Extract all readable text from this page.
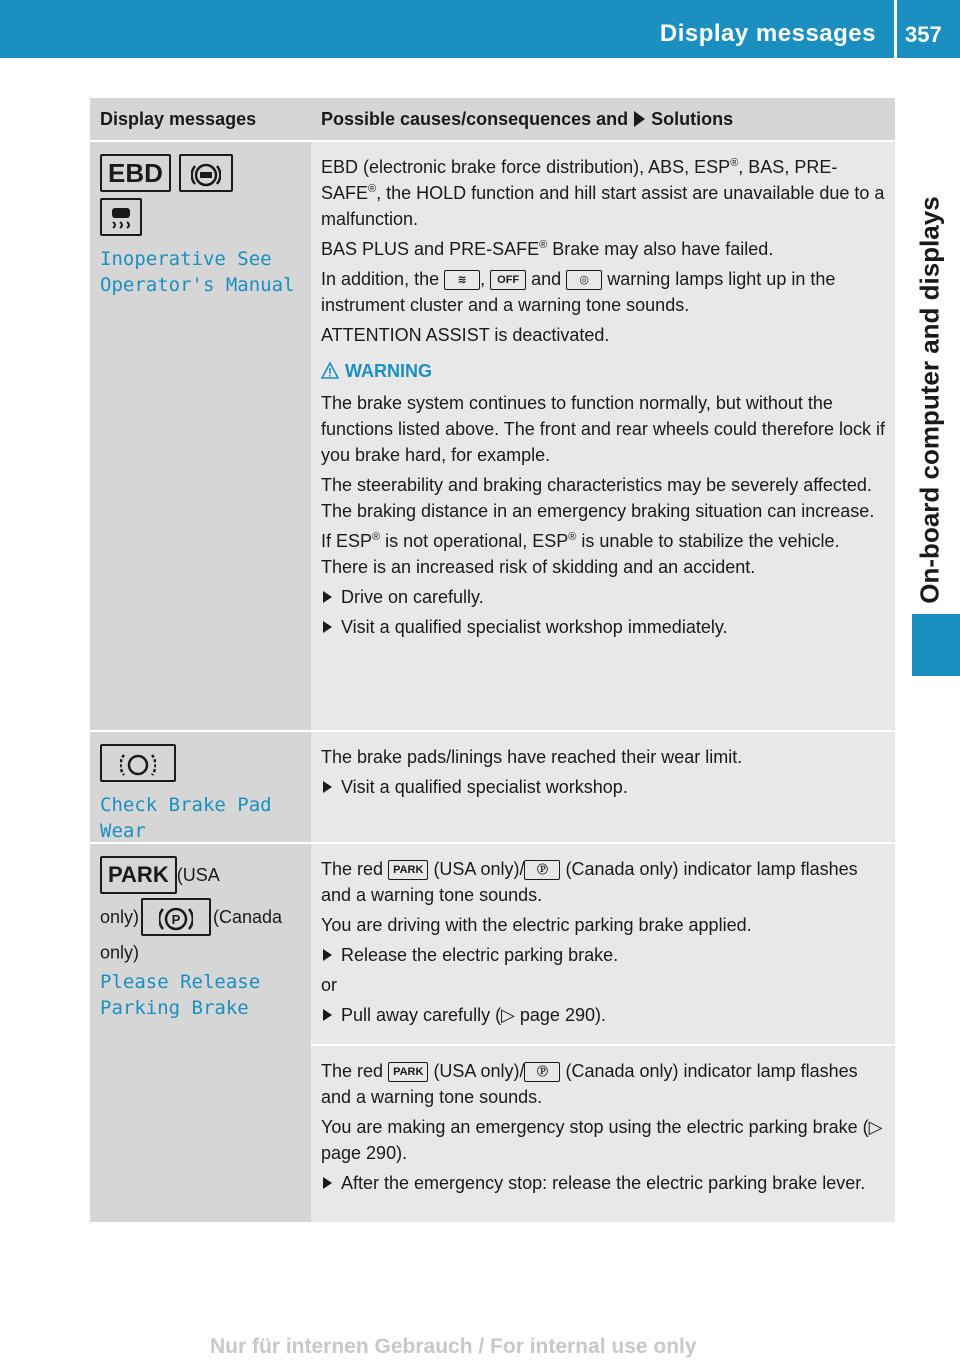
Display messages 357
On-board computer and displays
Display messages	Possible causes/consequences and Solutions
EBD
Inoperative See
Operator's Manual

EBD (electronic brake force distribution), ABS, ESP®, BAS, PRE-SAFE®, the HOLD function and hill start assist are unavailable due to a malfunction.

BAS PLUS and PRE-SAFE® Brake may also have failed.

In addition, the ≋ , OFF and ◎ warning lamps light up in the instrument cluster and a warning tone sounds.

ATTENTION ASSIST is deactivated.

WARNING

The brake system continues to function normally, but without the functions listed above. The front and rear wheels could therefore lock if you brake hard, for example.

The steerability and braking characteristics may be severely affected. The braking distance in an emergency braking situation can increase.

If ESP® is not operational, ESP® is unable to stabilize the vehicle. There is an increased risk of skidding and an accident.

Drive on carefully.
Visit a qualified specialist workshop immediately.
Check Brake Pad
Wear

The brake pads/linings have reached their wear limit.

Visit a qualified specialist workshop.
PARK (USA
only)	P (Canada
only)
Please Release
Parking Brake

The red PARK (USA only)/ Ⓟ (Canada only) indicator lamp flashes and a warning tone sounds.

You are driving with the electric parking brake applied.

Release the electric parking brake.

or

Pull away carefully (▷ page 290).

The red PARK (USA only)/ Ⓟ (Canada only) indicator lamp flashes and a warning tone sounds.

You are making an emergency stop using the electric parking brake (▷ page 290).

After the emergency stop: release the electric parking brake lever.
Nur für internen Gebrauch / For internal use only
